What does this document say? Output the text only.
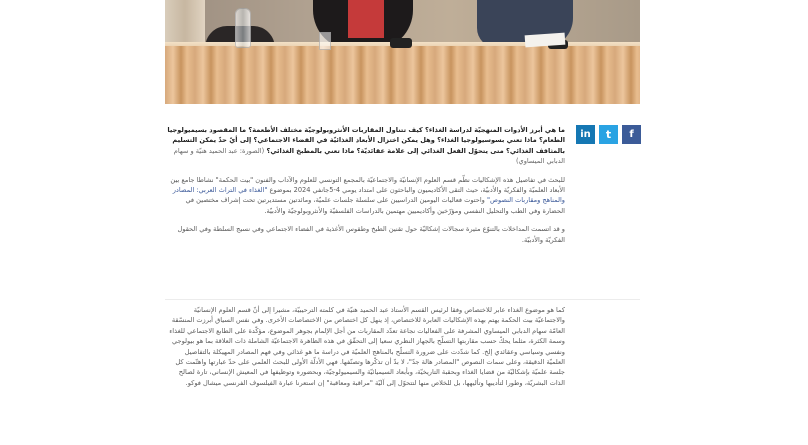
in t f

ما هي أبرز الأدوات المنهجيّة لدراسة الغذاء؟ كيف تتناول المقاربات الأنثروبولوجيّة مختلف الأطعمة؟ ما المقصود بسيميولوجيا الطعام؟ ماذا تعني بسوسيولوجيا الغذاء؟ وهل يمكن اختزال الأبعاد الغذائيّة في الفضاء الاجتماعي؟ إلى أيّ حدّ يمكن التسليم بالمثاقف الغذائي؟ متى يتحوّل الفعل الغذائي إلى علامة عقائديّة؟ ماذا تعني بالمطبخ الغذائي؟ (الصورة: عبد الحميد هنيّة و سهام الدبابي الميساوي)

للبحث في تفاصيل هذه الإشكاليات نظّم قسم العلوم الإنسانيّة والاجتماعيّة بالمجمع التونسي للعلوم والآداب والفنون "بيت الحكمة" نشاطا جامع بين الأبعاد العلميّة والفكريّة والأدبيّة، حيث التقى الأكاديميون والباحثون على امتداد يومي 4-5جانفي 2024 بموضوع "الغذاء في التراث العربي: المصادر والمناهج ومقاربات النصوص" واحتوت فعاليات اليومين الدراسيين على سلسلة جلسات علميّة، ومائدتين مستديرتين تحت إشراف مختصين في الحضارة وفي الطب والتحليل النفسي ومؤرّخين وأكاديميين مهتمين بالدراسات الفلسفيّة والأنثروبولوجيّة والأدبيّة.

و قد اتسمت المداخلات بالتنوّع مثيرة سجالات إشكاليّة حول تقنين الطبخ وطقوس الأغذية في الفضاء الاجتماعي وفي نسيج السلطة وفي الحقول الفكريّة والأدبيّة.

كما هو موضوع الغذاء عابر للاختصاص وفقا لرئيس القسم الأستاذ عبد الحميد هنيّة في كلمته الترحيبيّة، مشيرا إلى أنّ قسم العلوم الإنسانيّة والاجتماعيّة بيت الحكمة يهتم بهذه الإشكاليات العابرة للاختصاص، إذ ينهل كل اختصاص من الاختصاصات الأخرى. وفي نفس السياق أبرزت المنسّقة العامّة سهام الدبابي الميساوي المشرفة على الفعاليات نجاعة تعدّد المقاربات من أجل الإلمام بجوهر الموضوع، مؤكّدة على الطابع الاجتماعي للغذاء وسمة الكثرة، مثلما يحكّ حسب مقاربتها التسلّح بالجهاز النظري سعيا إلى التحقّق في هذه الظاهرة الاجتماعيّة الشاملة ذات العلاقة بما هو بيولوجي ونفسي وسياسي وعقائدي إلخ. كما شدّدت على ضرورة التسلّح بالمناهج العلميّة في دراسة ما هو غذائي وفي فهم المصادر المهيكلة بالتفاصيل العلميّة الدقيقة، وعلى سمات النصوص "المصادر هالة جدّ"، لا بدّ أن تذكّرها وتصنّفها. فهي الأدلّة الأولى للبحث العلمي على حدّ عبارتها واهتّمت كل جلسة علميّة بإشكاليّة من قضايا الغذاء وبحقبة التاريخيّة، وبأبعاد السيميائيّة والسيميولوجيّة، وبحضوره وتوظيفها في المعيش الإنساني، تارة لصالح الذات البشريّة، وطورا لتأديبها وتأليهها، بل للخلاص منها لتتحوّل إلى آليّة "مراقبة ومعاقبة" إن استعرنا عبارة الفيلسوف الفرنسي ميشال فوكو.
